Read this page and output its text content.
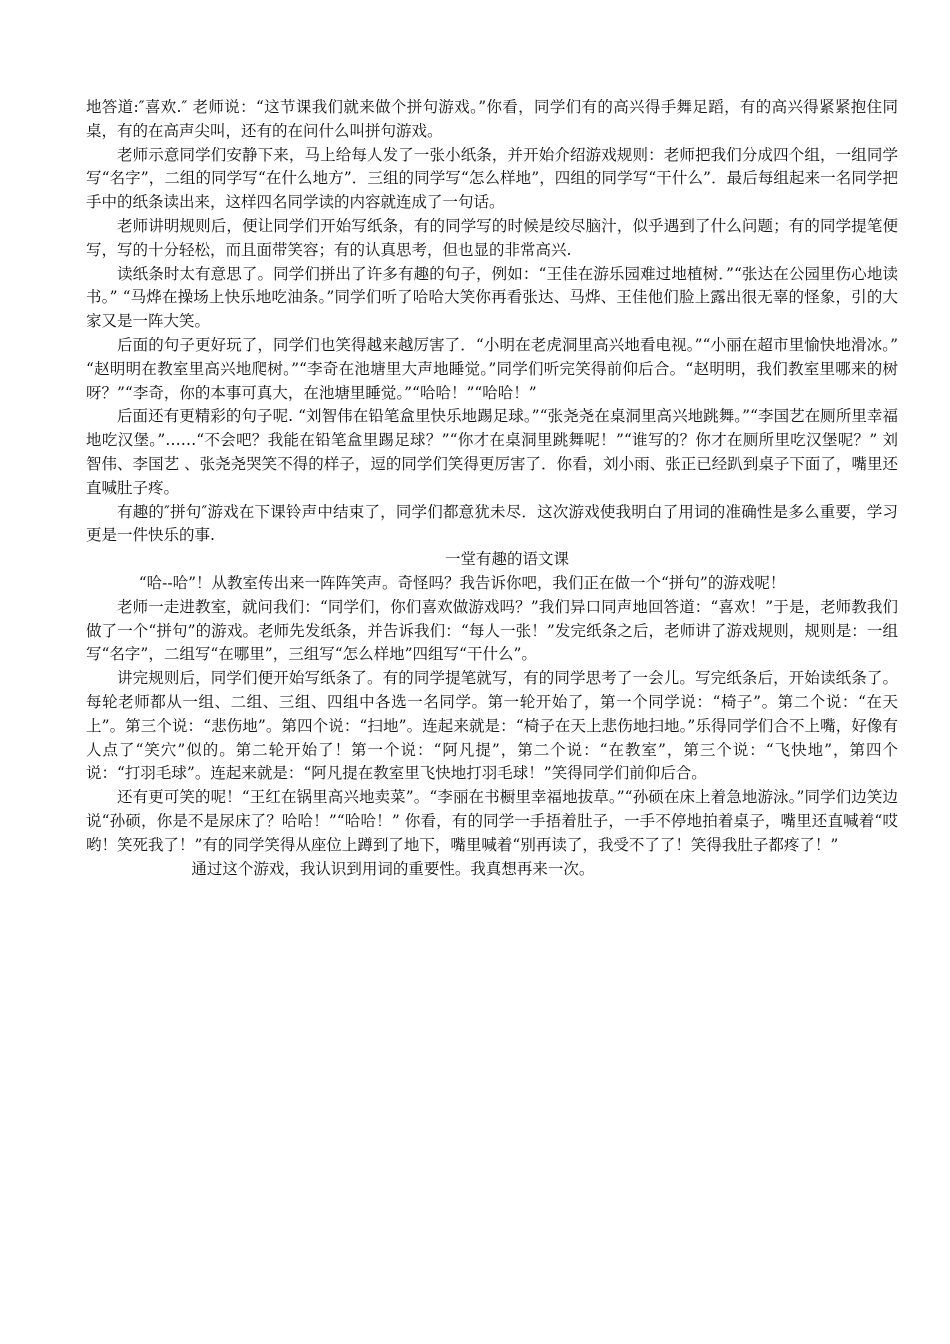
地答道:″喜欢.″ 老师说：“这节课我们就来做个拼句游戏。”你看，同学们有的高兴得手舞足蹈，有的高兴得紧紧抱住同桌，有的在高声尖叫，还有的在问什么叫拼句游戏。

老师示意同学们安静下来，马上给每人发了一张小纸条，并开始介绍游戏规则：老师把我们分成四个组，一组同学写“名字”，二组的同学写“在什么地方”．三组的同学写“怎么样地”，四组的同学写“干什么”．最后每组起来一名同学把手中的纸条读出来，这样四名同学读的内容就连成了一句话。

老师讲明规则后，便让同学们开始写纸条，有的同学写的时候是绞尽脑汁，似乎遇到了什么问题；有的同学提笔便写，写的十分轻松，而且面带笑容；有的认真思考，但也显的非常高兴.

读纸条时太有意思了。同学们拼出了许多有趣的句子，例如：“王佳在游乐园难过地植树．”“张达在公园里伤心地读书。” “马烨在操场上快乐地吃油条。”同学们听了哈哈大笑你再看张达、马烨、王佳他们脸上露出很无辜的怪象，引的大家又是一阵大笑。

后面的句子更好玩了，同学们也笑得越来越厉害了．“小明在老虎洞里高兴地看电视。”“小丽在超市里愉快地滑冰。” “赵明明在教室里高兴地爬树。”“李奇在池塘里大声地睡觉。”同学们听完笑得前仰后合。“赵明明，我们教室里哪来的树呀？”“李奇，你的本事可真大，在池塘里睡觉。”“哈哈！”“哈哈！”

后面还有更精彩的句子呢. “刘智伟在铅笔盒里快乐地踢足球。”“张尧尧在桌洞里高兴地跳舞。”“李国艺在厕所里幸福地吃汉堡。”……“不会吧？我能在铅笔盒里踢足球？”“你才在桌洞里跳舞呢！”“谁写的？你才在厕所里吃汉堡呢？” 刘智伟、李国艺 、张尧尧哭笑不得的样子，逗的同学们笑得更厉害了．你看，刘小雨、张正已经趴到桌子下面了，嘴里还直喊肚子疼。

有趣的″拼句″游戏在下课铃声中结束了，同学们都意犹未尽．这次游戏使我明白了用词的准确性是多么重要，学习更是一件快乐的事.

一堂有趣的语文课

“哈--哈”！从教室传出来一阵阵笑声。奇怪吗？我告诉你吧，我们正在做一个“拼句”的游戏呢！

老师一走进教室，就问我们：“同学们，你们喜欢做游戏吗？”我们异口同声地回答道：“喜欢！”于是，老师教我们做了一个“拼句”的游戏。老师先发纸条，并告诉我们：“每人一张！”发完纸条之后，老师讲了游戏规则，规则是：一组写“名字”，二组写“在哪里”，三组写“怎么样地”四组写“干什么”。

讲完规则后，同学们便开始写纸条了。有的同学提笔就写，有的同学思考了一会儿。写完纸条后，开始读纸条了。每轮老师都从一组、二组、三组、四组中各选一名同学。第一轮开始了，第一个同学说：“椅子”。第二个说：“在天上”。第三个说：“悲伤地”。第四个说：“扫地”。连起来就是：“椅子在天上悲伤地扫地。”乐得同学们合不上嘴，好像有人点了“笑穴”似的。第二轮开始了！第一个说：“阿凡提”，第二个说：“在教室”，第三个说：“飞快地”，第四个说：“打羽毛球”。连起来就是：“阿凡提在教室里飞快地打羽毛球！”笑得同学们前仰后合。

还有更可笑的呢！“王红在锅里高兴地卖菜”。“李丽在书橱里幸福地拔草。”“孙硕在床上着急地游泳。”同学们边笑边说“孙硕，你是不是尿床了？哈哈！”“哈哈！” 你看，有的同学一手捂着肚子，一手不停地拍着桌子，嘴里还直喊着“哎哟！笑死我了！”有的同学笑得从座位上蹲到了地下，嘴里喊着“别再读了，我受不了了！笑得我肚子都疼了！”

通过这个游戏，我认识到用词的重要性。我真想再来一次。
